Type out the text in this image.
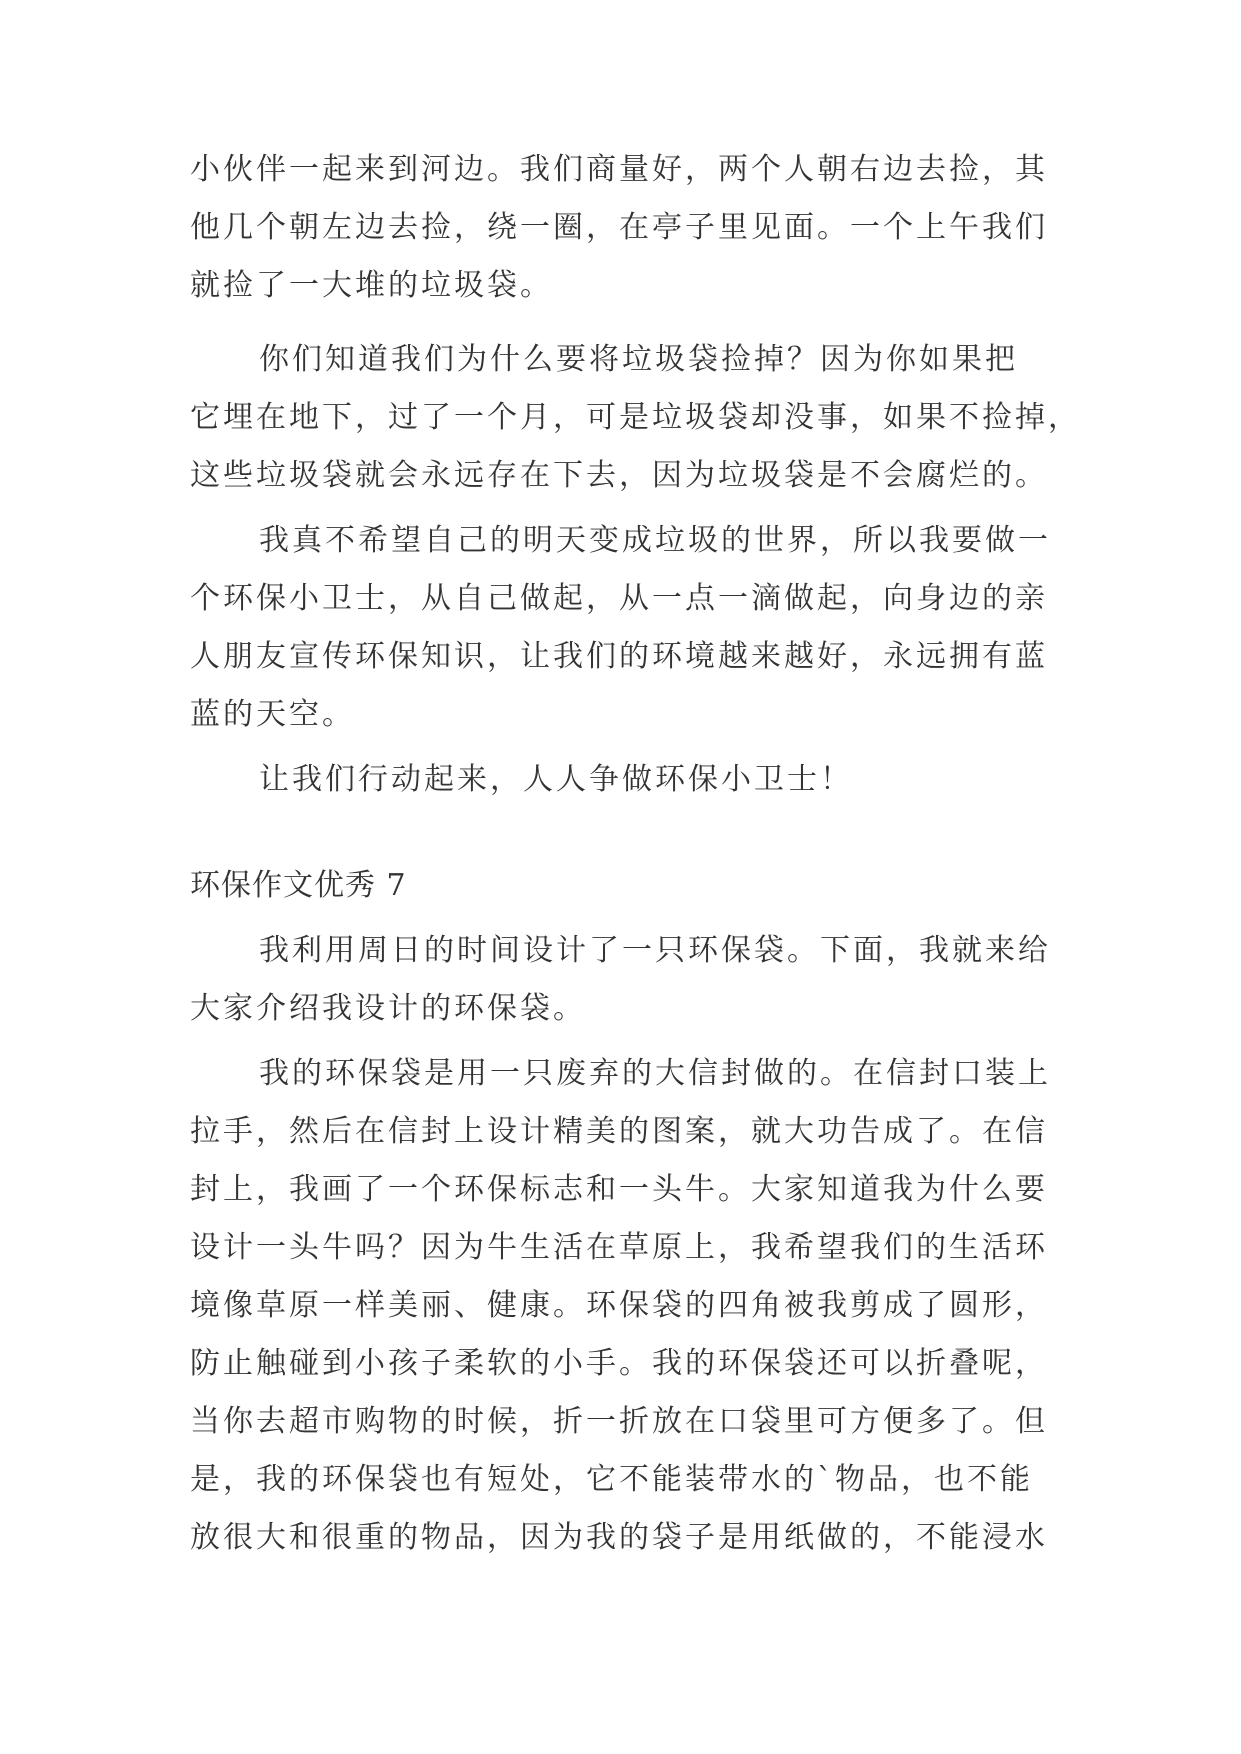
小伙伴一起来到河边。我们商量好，两个人朝右边去捡，其
他几个朝左边去捡，绕一圈，在亭子里见面。一个上午我们
就捡了一大堆的垃圾袋。
你们知道我们为什么要将垃圾袋捡掉？因为你如果把
它埋在地下，过了一个月，可是垃圾袋却没事，如果不捡掉，
这些垃圾袋就会永远存在下去，因为垃圾袋是不会腐烂的。
我真不希望自己的明天变成垃圾的世界，所以我要做一
个环保小卫士，从自己做起，从一点一滴做起，向身边的亲
人朋友宣传环保知识，让我们的环境越来越好，永远拥有蓝
蓝的天空。
让我们行动起来，人人争做环保小卫士！
环保作文优秀 7
我利用周日的时间设计了一只环保袋。下面，我就来给
大家介绍我设计的环保袋。
我的环保袋是用一只废弃的大信封做的。在信封口装上
拉手，然后在信封上设计精美的图案，就大功告成了。在信
封上，我画了一个环保标志和一头牛。大家知道我为什么要
设计一头牛吗？因为牛生活在草原上，我希望我们的生活环
境像草原一样美丽、健康。环保袋的四角被我剪成了圆形，
防止触碰到小孩子柔软的小手。我的环保袋还可以折叠呢，
当你去超市购物的时候，折一折放在口袋里可方便多了。但
是，我的环保袋也有短处，它不能装带水的`物品，也不能
放很大和很重的物品，因为我的袋子是用纸做的，不能浸水
